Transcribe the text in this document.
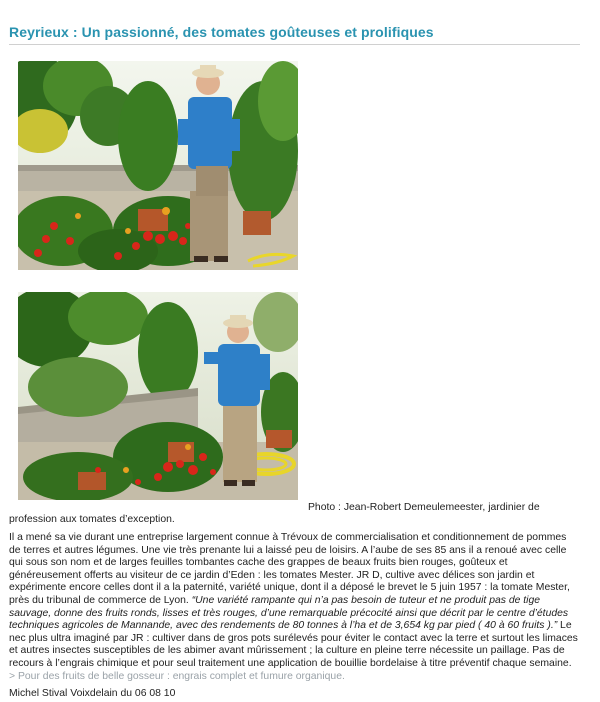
Reyrieux : Un passionné, des tomates goûteuses et prolifiques
Photo : Jean-Robert Demeulemeester, jardinier de
profession aux tomates d’exception.
Il a mené sa vie durant une entreprise largement connue à Trévoux de commercialisation et conditionnement de pommes de terres et autres légumes. Une vie très prenante lui a laissé peu de loisirs. A l’aube de ses 85 ans il a renoué avec celle qui sous son nom et de larges feuilles tombantes cache des grappes de beaux fruits bien rouges, goûteux et généreusement offerts au visiteur de ce jardin d’Eden : les tomates Mester. JR D, cultive avec délices son jardin et expérimente encore celles dont il a la paternité, variété unique, dont il a déposé le brevet le 5 juin 1957 : la tomate Mester, près du tribunal de commerce de Lyon. “Une variété rampante qui n’a pas besoin de tuteur et ne produit pas de tige sauvage, donne des fruits ronds, lisses et très rouges, d’une remarquable précocité ainsi que décrit par le centre d’études techniques agricoles de Mannande, avec des rendements de 80 tonnes à l’ha et de 3,654 kg par pied ( 40 à 60 fruits ).” Le nec plus ultra imaginé par JR : cultiver dans de gros pots surélevés pour éviter le contact avec la terre et surtout les limaces et autres insectes susceptibles de les abimer avant mûrissement ; la culture en pleine terre nécessite un paillage. Pas de recours à l’engrais chimique et pour seul traitement une application de bouillie bordelaise à titre préventif chaque semaine. > Pour des fruits de belle gosseur : engrais complet et fumure organique.
Michel Stival Voixdelain du 06 08 10
